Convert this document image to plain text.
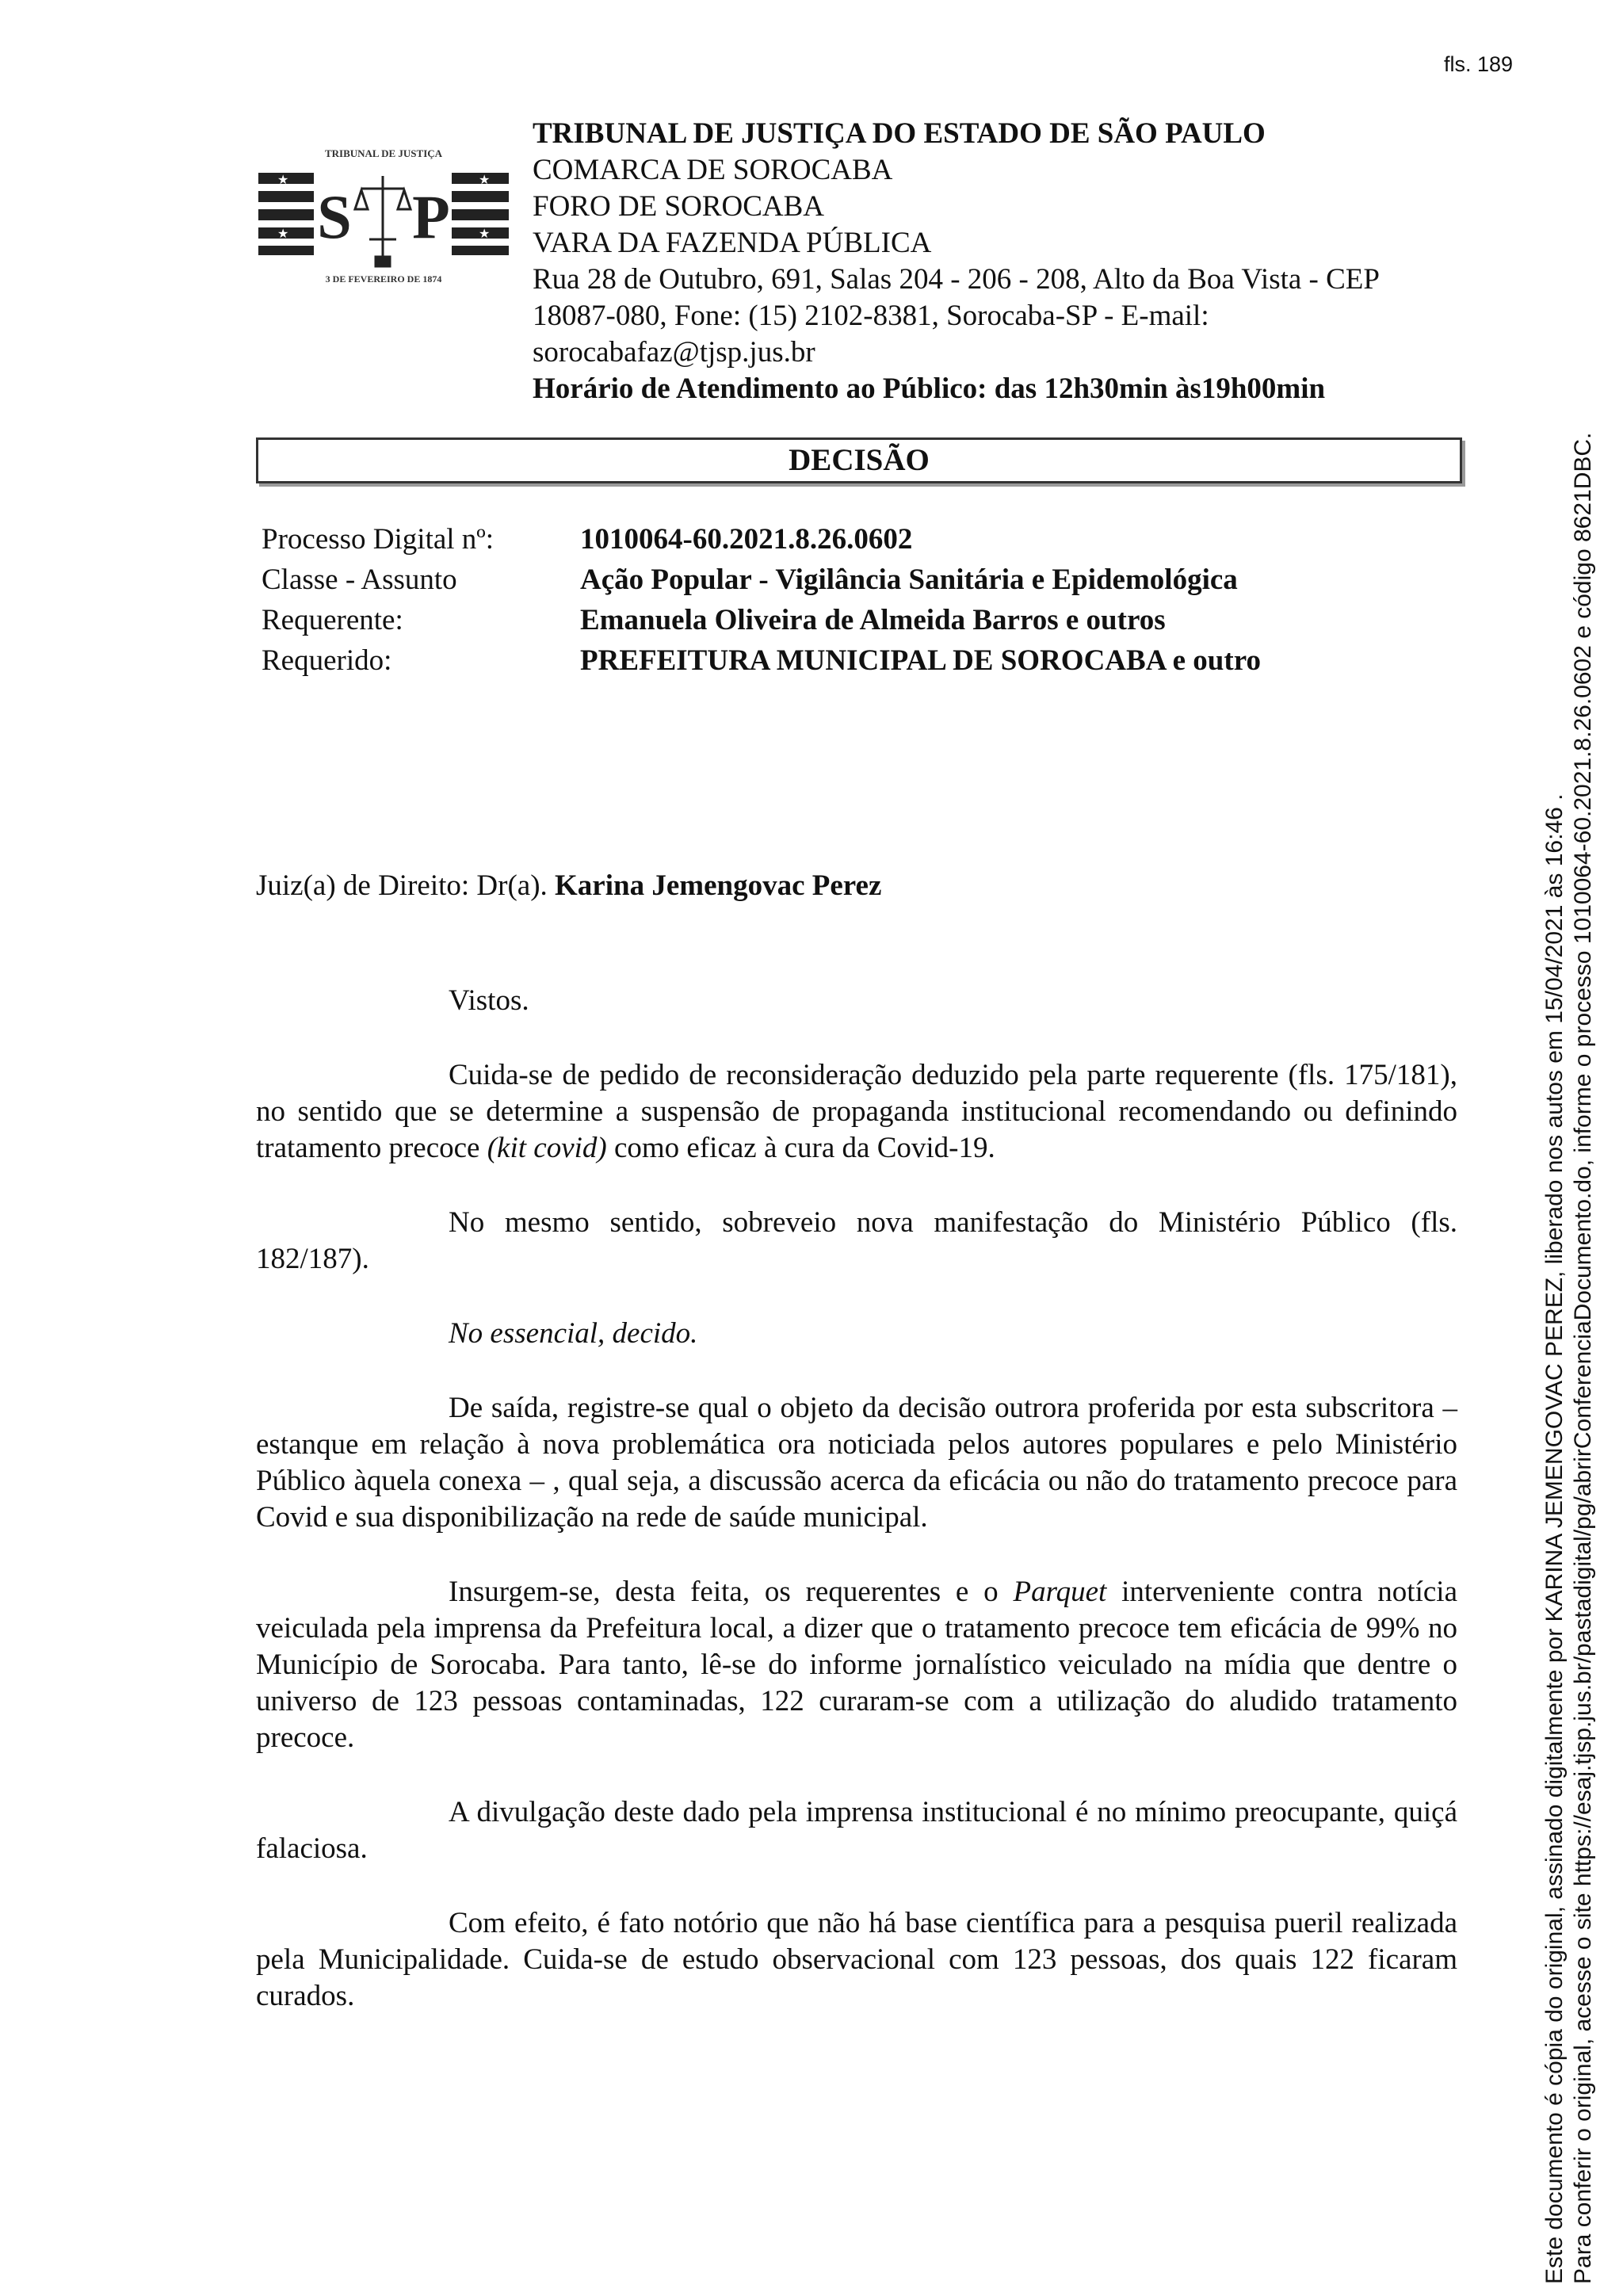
fls. 189
TRIBUNAL DE JUSTIÇA
S P
★	★
★	★
3 DE FEVEREIRO DE 1874
TRIBUNAL DE JUSTIÇA DO ESTADO DE SÃO PAULO
COMARCA DE SOROCABA
FORO DE SOROCABA
VARA DA FAZENDA PÚBLICA
Rua 28 de Outubro, 691, Salas 204 - 206 - 208, Alto da Boa Vista - CEP
18087-080, Fone: (15) 2102-8381, Sorocaba-SP - E-mail:
sorocabafaz@tjsp.jus.br
Horário de Atendimento ao Público: das 12h30min às19h00min
DECISÃO
Processo Digital nº:	1010064-60.2021.8.26.0602
Classe - Assunto	Ação Popular - Vigilância Sanitária e Epidemológica
Requerente:	Emanuela Oliveira de Almeida Barros e outros
Requerido:	PREFEITURA MUNICIPAL DE SOROCABA e outro
Juiz(a) de Direito: Dr(a). Karina Jemengovac Perez

Vistos.

Cuida-se de pedido de reconsideração deduzido pela parte requerente (fls. 175/181), no sentido que se determine a suspensão de propaganda institucional recomendando ou definindo tratamento precoce (kit covid) como eficaz à cura da Covid-19.

No mesmo sentido, sobreveio nova manifestação do Ministério Público (fls. 182/187).

No essencial, decido.

De saída, registre-se qual o objeto da decisão outrora proferida por esta subscritora – estanque em relação à nova problemática ora noticiada pelos autores populares e pelo Ministério Público àquela conexa – , qual seja, a discussão acerca da eficácia ou não do tratamento precoce para Covid e sua disponibilização na rede de saúde municipal.

Insurgem-se, desta feita, os requerentes e o Parquet interveniente contra notícia veiculada pela imprensa da Prefeitura local, a dizer que o tratamento precoce tem eficácia de 99% no Município de Sorocaba. Para tanto, lê-se do informe jornalístico veiculado na mídia que dentre o universo de 123 pessoas contaminadas, 122 curaram-se com a utilização do aludido tratamento precoce.

A divulgação deste dado pela imprensa institucional é no mínimo preocupante, quiçá falaciosa.

Com efeito, é fato notório que não há base científica para a pesquisa pueril realizada pela Municipalidade. Cuida-se de estudo observacional com 123 pessoas, dos quais 122 ficaram curados.	Este documento é cópia do original, assinado digitalmente por KARINA JEMENGOVAC PEREZ, liberado nos autos em 15/04/2021 às 16:46 . Para conferir o original, acesse o site https://esaj.tjsp.jus.br/pastadigital/pg/abrirConferenciaDocumento.do, informe o processo 1010064-60.2021.8.26.0602 e código 8621DBC.
